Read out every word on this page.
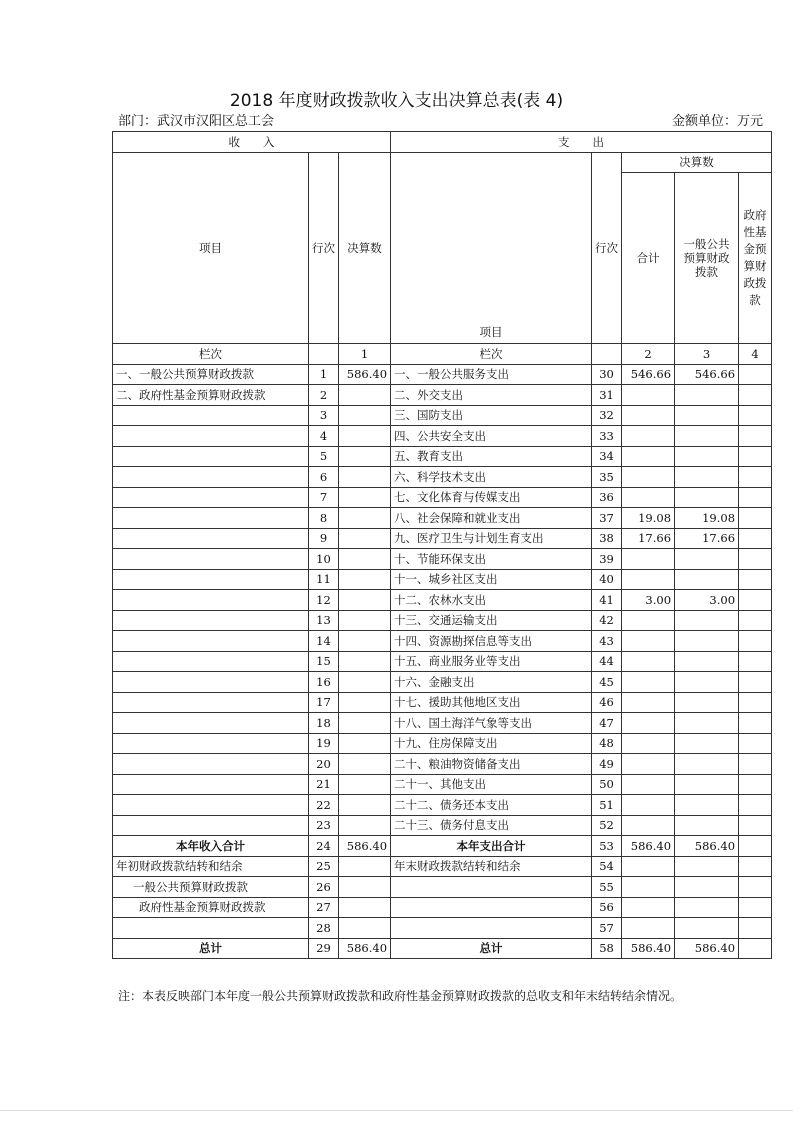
2018 年度财政拨款收入支出决算总表(表 4)
部门：武汉市汉阳区总工会	金额单位：万元
收　　入			支　　出				
项目	行次	决算数	项目	行次	决算数		
					合计	一般公共预算财政拨款	政府性基金预算财政拨款
栏次		1	栏次		2	3	4
一、一般公共预算财政拨款	1	586.40	一、一般公共服务支出	30	546.66	546.66	
二、政府性基金预算财政拨款	2		二、外交支出	31			
	3		三、国防支出	32			
	4		四、公共安全支出	33			
	5		五、教育支出	34			
	6		六、科学技术支出	35			
	7		七、文化体育与传媒支出	36			
	8		八、社会保障和就业支出	37	19.08	19.08	
	9		九、医疗卫生与计划生育支出	38	17.66	17.66	
	10		十、节能环保支出	39			
	11		十一、城乡社区支出	40			
	12		十二、农林水支出	41	3.00	3.00	
	13		十三、交通运输支出	42			
	14		十四、资源勘探信息等支出	43			
	15		十五、商业服务业等支出	44			
	16		十六、金融支出	45			
	17		十七、援助其他地区支出	46			
	18		十八、国土海洋气象等支出	47			
	19		十九、住房保障支出	48			
	20		二十、粮油物资储备支出	49			
	21		二十一、其他支出	50			
	22		二十二、债务还本支出	51			
	23		二十三、债务付息支出	52			
本年收入合计	24	586.40	本年支出合计	53	586.40	586.40	
年初财政拨款结转和结余	25		年末财政拨款结转和结余	54			
一般公共预算财政拨款	26			55			
政府性基金预算财政拨款	27			56			
	28			57			
总计	29	586.40	总计	58	586.40	586.40	
注：本表反映部门本年度一般公共预算财政拨款和政府性基金预算财政拨款的总收支和年末结转结余情况。
